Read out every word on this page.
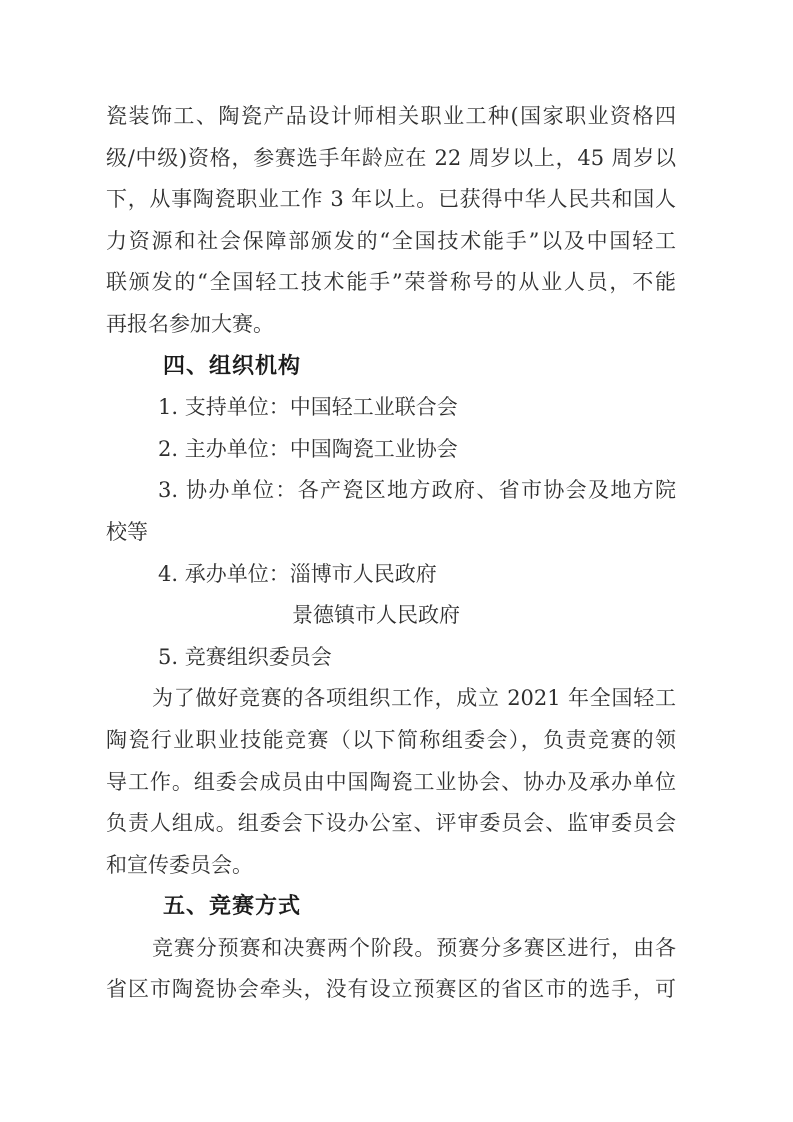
瓷装饰工、陶瓷产品设计师相关职业工种(国家职业资格四
级/中级)资格，参赛选手年龄应在 22 周岁以上，45 周岁以
下，从事陶瓷职业工作 3 年以上。已获得中华人民共和国人
力资源和社会保障部颁发的“全国技术能手”以及中国轻工
联颁发的“全国轻工技术能手”荣誉称号的从业人员，不能
再报名参加大赛。
四、组织机构
1. 支持单位：中国轻工业联合会
2. 主办单位：中国陶瓷工业协会
3. 协办单位：各产瓷区地方政府、省市协会及地方院
校等
4. 承办单位：淄博市人民政府
景德镇市人民政府
5. 竞赛组织委员会
为了做好竞赛的各项组织工作，成立 2021 年全国轻工
陶瓷行业职业技能竞赛（以下简称组委会），负责竞赛的领
导工作。组委会成员由中国陶瓷工业协会、协办及承办单位
负责人组成。组委会下设办公室、评审委员会、监审委员会
和宣传委员会。
五、竞赛方式
竞赛分预赛和决赛两个阶段。预赛分多赛区进行，由各
省区市陶瓷协会牵头，没有设立预赛区的省区市的选手，可
